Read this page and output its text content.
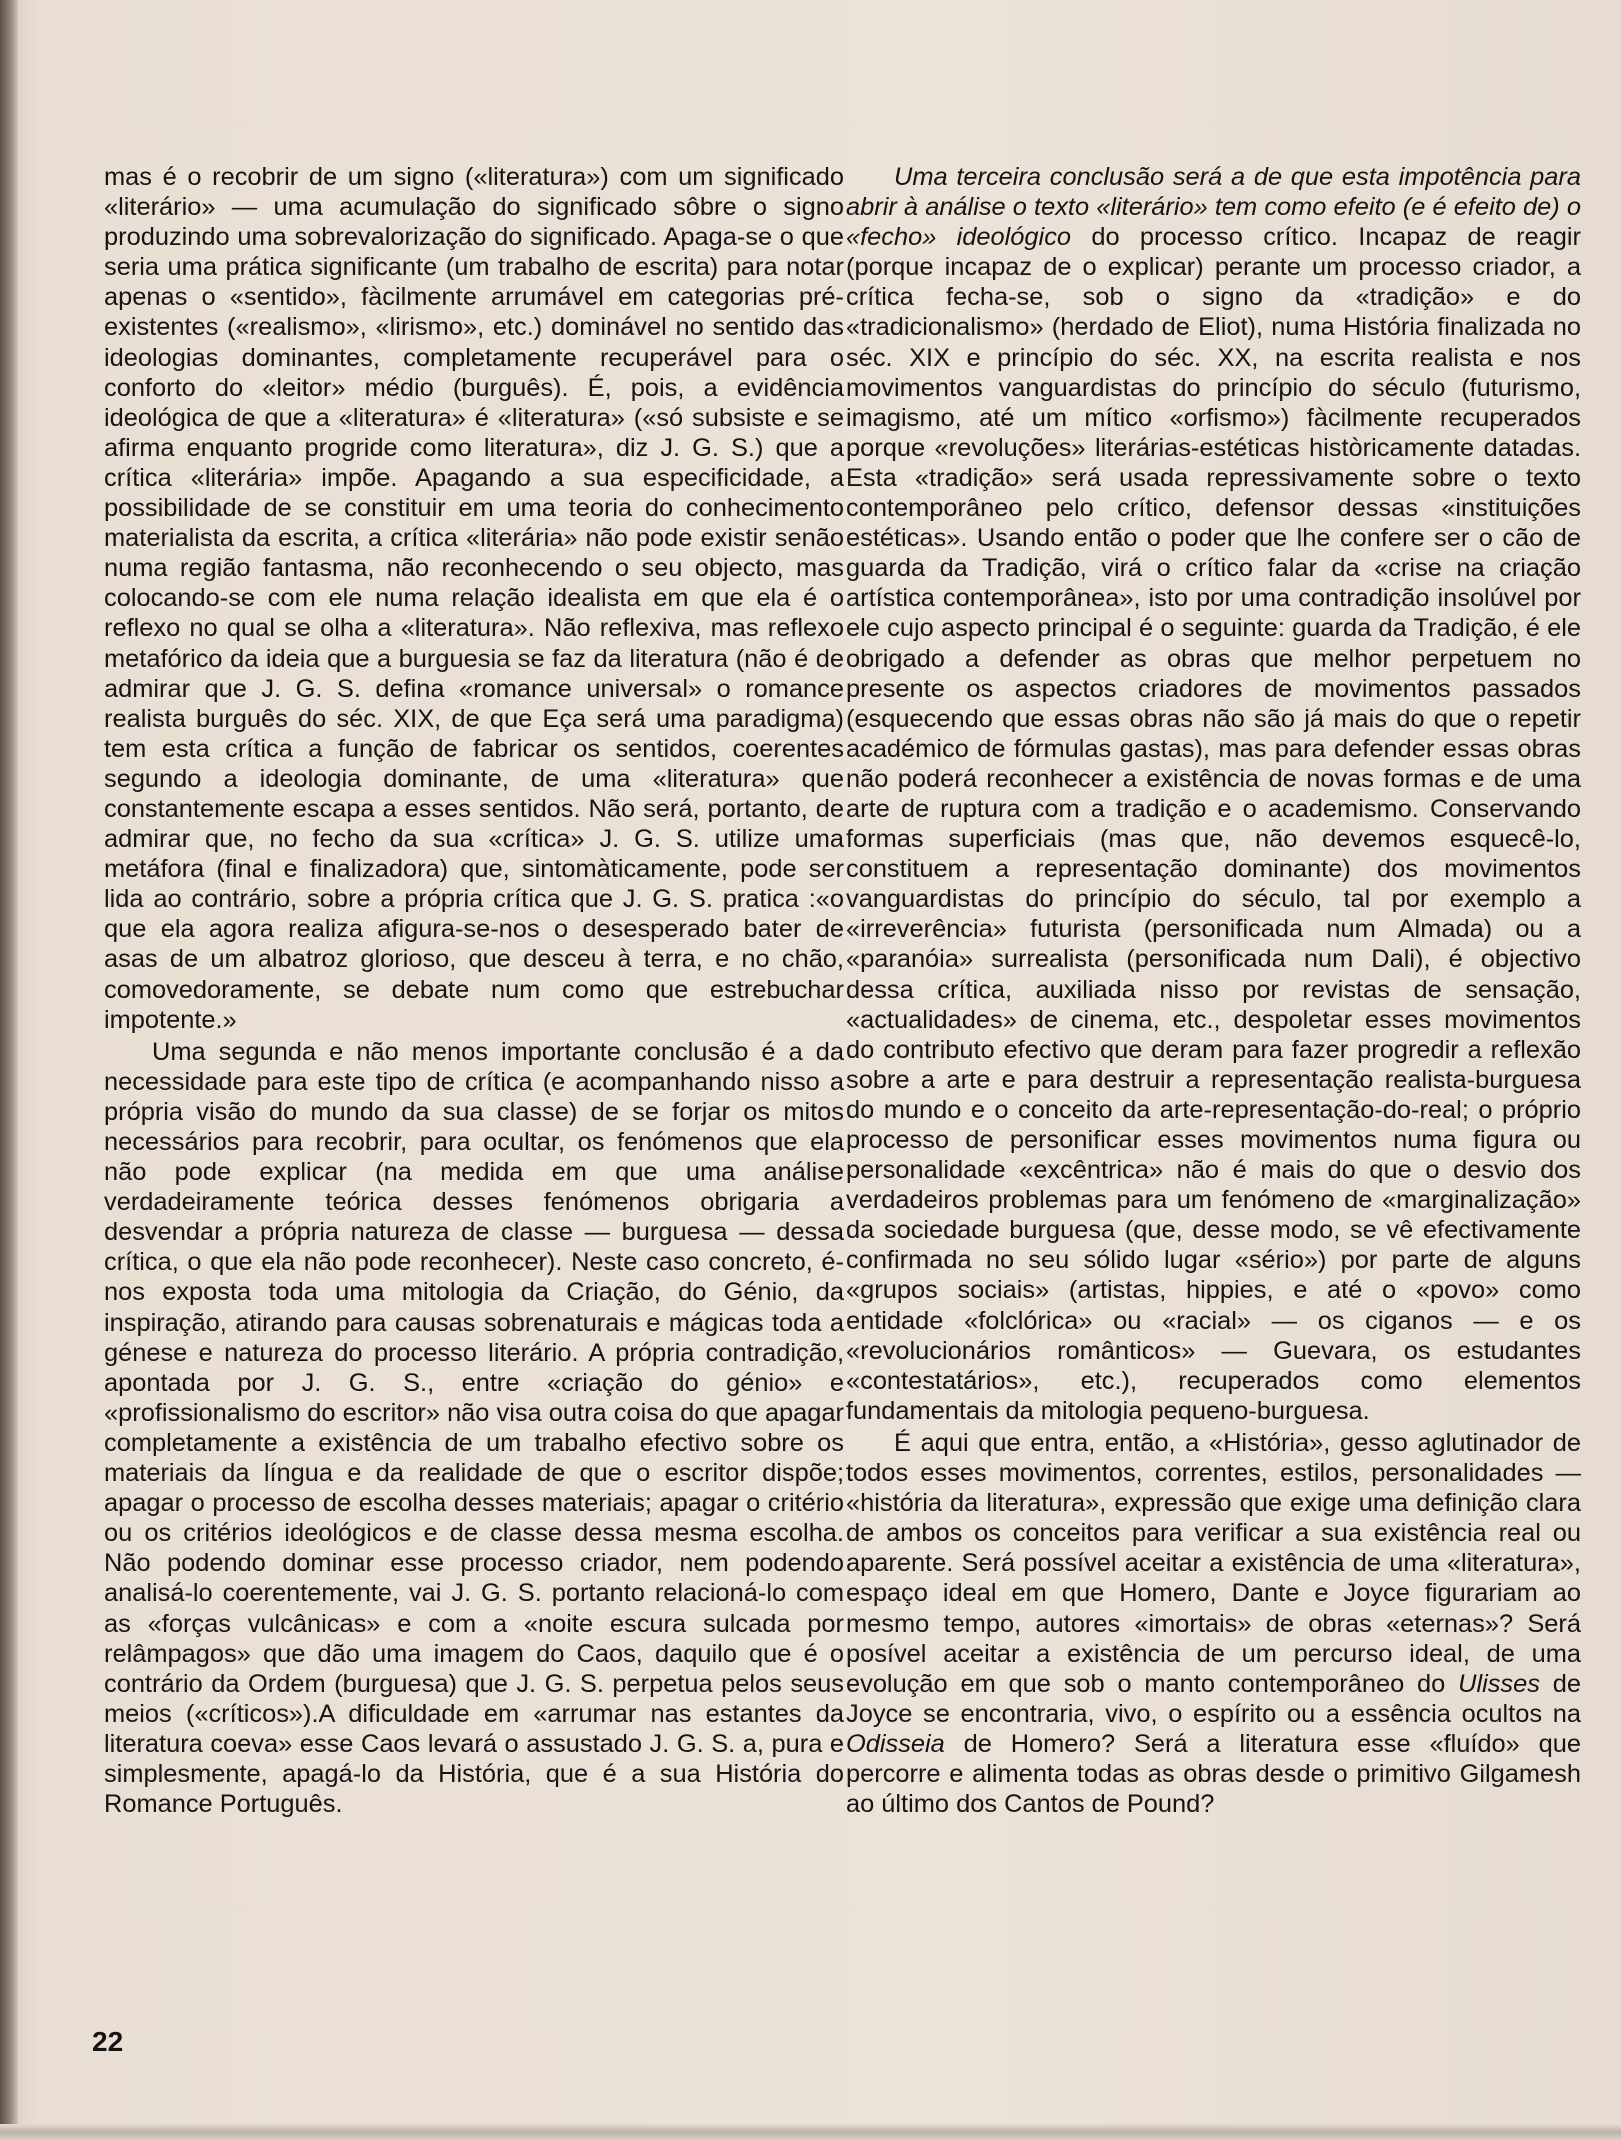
mas é o recobrir de um signo («literatura») com um significado «literário» — uma acumulação do significado sôbre o signo produzindo uma sobrevalorização do significado. Apaga-se o que seria uma prática significante (um trabalho de escrita) para notar apenas o «sentido», fàcilmente arrumável em categorias pré-existentes («realismo», «lirismo», etc.) dominável no sentido das ideologias dominantes, completamente recuperável para o conforto do «leitor» médio (burguês). É, pois, a evidência ideológica de que a «literatura» é «literatura» («só subsiste e se afirma enquanto progride como literatura», diz J. G. S.) que a crítica «literária» impõe. Apagando a sua especificidade, a possibilidade de se constituir em uma teoria do conhecimento materialista da escrita, a crítica «literária» não pode existir senão numa região fantasma, não reconhecendo o seu objecto, mas colocando-se com ele numa relação idealista em que ela é o reflexo no qual se olha a «literatura». Não reflexiva, mas reflexo metafórico da ideia que a burguesia se faz da literatura (não é de admirar que J. G. S. defina «romance universal» o romance realista burguês do séc. XIX, de que Eça será uma paradigma) tem esta crítica a função de fabricar os sentidos, coerentes segundo a ideologia dominante, de uma «literatura» que constantemente escapa a esses sentidos. Não será, portanto, de admirar que, no fecho da sua «crítica» J. G. S. utilize uma metáfora (final e finalizadora) que, sintomàticamente, pode ser lida ao contrário, sobre a própria crítica que J. G. S. pratica :«o que ela agora realiza afigura-se-nos o desesperado bater de asas de um albatroz glorioso, que desceu à terra, e no chão, comovedoramente, se debate num como que estrebuchar impotente.»

Uma segunda e não menos importante conclusão é a da necessidade para este tipo de crítica (e acompanhando nisso a própria visão do mundo da sua classe) de se forjar os mitos necessários para recobrir, para ocultar, os fenómenos que ela não pode explicar (na medida em que uma análise verdadeiramente teórica desses fenómenos obrigaria a desvendar a própria natureza de classe — burguesa — dessa crítica, o que ela não pode reconhecer). Neste caso concreto, é-nos exposta toda uma mitologia da Criação, do Génio, da inspiração, atirando para causas sobrenaturais e mágicas toda a génese e natureza do processo literário. A própria contradição, apontada por J. G. S., entre «criação do génio» e «profissionalismo do escritor» não visa outra coisa do que apagar completamente a existência de um trabalho efectivo sobre os materiais da língua e da realidade de que o escritor dispõe; apagar o processo de escolha desses materiais; apagar o critério ou os critérios ideológicos e de classe dessa mesma escolha. Não podendo dominar esse processo criador, nem podendo analisá-lo coerentemente, vai J. G. S. portanto relacioná-lo com as «forças vulcânicas» e com a «noite escura sulcada por relâmpagos» que dão uma imagem do Caos, daquilo que é o contrário da Ordem (burguesa) que J. G. S. perpetua pelos seus meios («críticos»).A dificuldade em «arrumar nas estantes da literatura coeva» esse Caos levará o assustado J. G. S. a, pura e simplesmente, apagá-lo da História, que é a sua História do Romance Português.

Uma terceira conclusão será a de que esta impotência para abrir à análise o texto «literário» tem como efeito (e é efeito de) o «fecho» ideológico do processo crítico. Incapaz de reagir (porque incapaz de o explicar) perante um processo criador, a crítica fecha-se, sob o signo da «tradição» e do «tradicionalismo» (herdado de Eliot), numa História finalizada no séc. XIX e princípio do séc. XX, na escrita realista e nos movimentos vanguardistas do princípio do século (futurismo, imagismo, até um mítico «orfismo») fàcilmente recuperados porque «revoluções» literárias-estéticas històricamente datadas. Esta «tradição» será usada repressivamente sobre o texto contemporâneo pelo crítico, defensor dessas «instituições estéticas». Usando então o poder que lhe confere ser o cão de guarda da Tradição, virá o crítico falar da «crise na criação artística contemporânea», isto por uma contradição insolúvel por ele cujo aspecto principal é o seguinte: guarda da Tradição, é ele obrigado a defender as obras que melhor perpetuem no presente os aspectos criadores de movimentos passados (esquecendo que essas obras não são já mais do que o repetir académico de fórmulas gastas), mas para defender essas obras não poderá reconhecer a existência de novas formas e de uma arte de ruptura com a tradição e o academismo. Conservando formas superficiais (mas que, não devemos esquecê-lo, constituem a representação dominante) dos movimentos vanguardistas do princípio do século, tal por exemplo a «irreverência» futurista (personificada num Almada) ou a «paranóia» surrealista (personificada num Dali), é objectivo dessa crítica, auxiliada nisso por revistas de sensação, «actualidades» de cinema, etc., despoletar esses movimentos do contributo efectivo que deram para fazer progredir a reflexão sobre a arte e para destruir a representação realista-burguesa do mundo e o conceito da arte-representação-do-real; o próprio processo de personificar esses movimentos numa figura ou personalidade «excêntrica» não é mais do que o desvio dos verdadeiros problemas para um fenómeno de «marginalização» da sociedade burguesa (que, desse modo, se vê efectivamente confirmada no seu sólido lugar «sério») por parte de alguns «grupos sociais» (artistas, hippies, e até o «povo» como entidade «folclórica» ou «racial» — os ciganos — e os «revolucionários românticos» — Guevara, os estudantes «contestatários», etc.), recuperados como elementos fundamentais da mitologia pequeno-burguesa.

É aqui que entra, então, a «História», gesso aglutinador de todos esses movimentos, correntes, estilos, personalidades — «história da literatura», expressão que exige uma definição clara de ambos os conceitos para verificar a sua existência real ou aparente. Será possível aceitar a existência de uma «literatura», espaço ideal em que Homero, Dante e Joyce figurariam ao mesmo tempo, autores «imortais» de obras «eternas»? Será posível aceitar a existência de um percurso ideal, de uma evolução em que sob o manto contemporâneo do Ulisses de Joyce se encontraria, vivo, o espírito ou a essência ocultos na Odisseia de Homero? Será a literatura esse «fluído» que percorre e alimenta todas as obras desde o primitivo Gilgamesh ao último dos Cantos de Pound?

22
